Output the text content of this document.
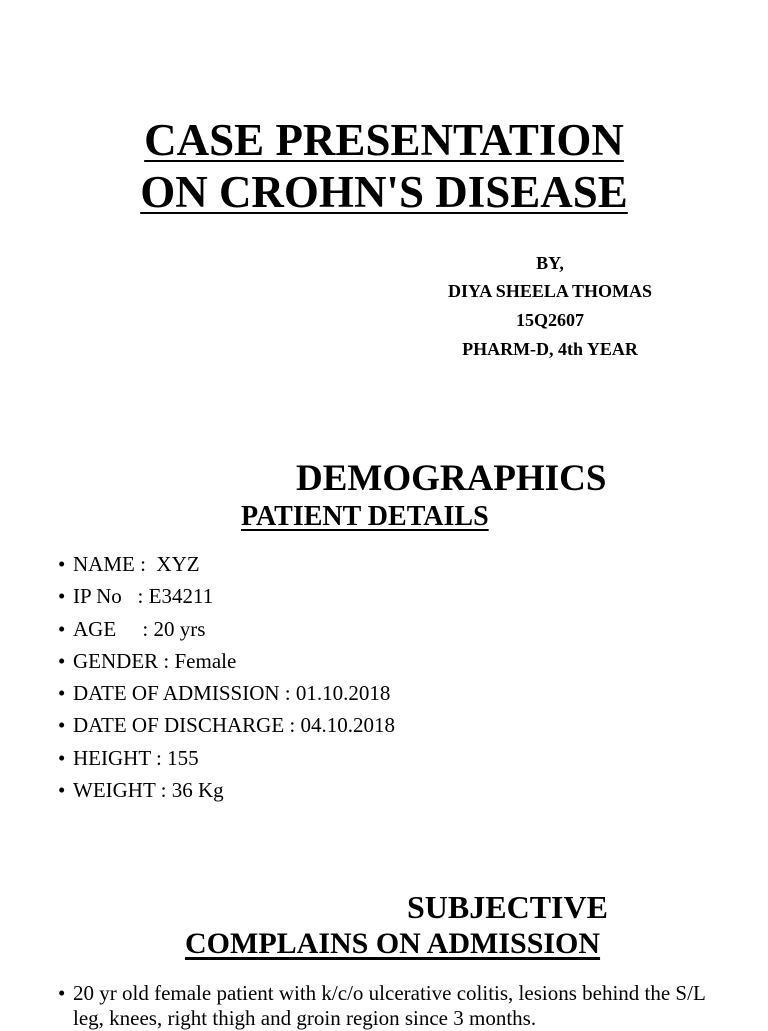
CASE PRESENTATION
ON CROHN'S DISEASE
BY,
DIYA SHEELA THOMAS
15Q2607
PHARM-D, 4th YEAR
DEMOGRAPHICS
PATIENT DETAILS
• NAME :  XYZ
• IP No   : E34211
• AGE     : 20 yrs
• GENDER : Female
• DATE OF ADMISSION : 01.10.2018
• DATE OF DISCHARGE : 04.10.2018
• HEIGHT : 155
• WEIGHT : 36 Kg
SUBJECTIVE
COMPLAINS ON ADMISSION
• 20 yr old female patient with k/c/o ulcerative colitis, lesions behind the S/L leg, knees, right thigh and groin region since 3 months.
